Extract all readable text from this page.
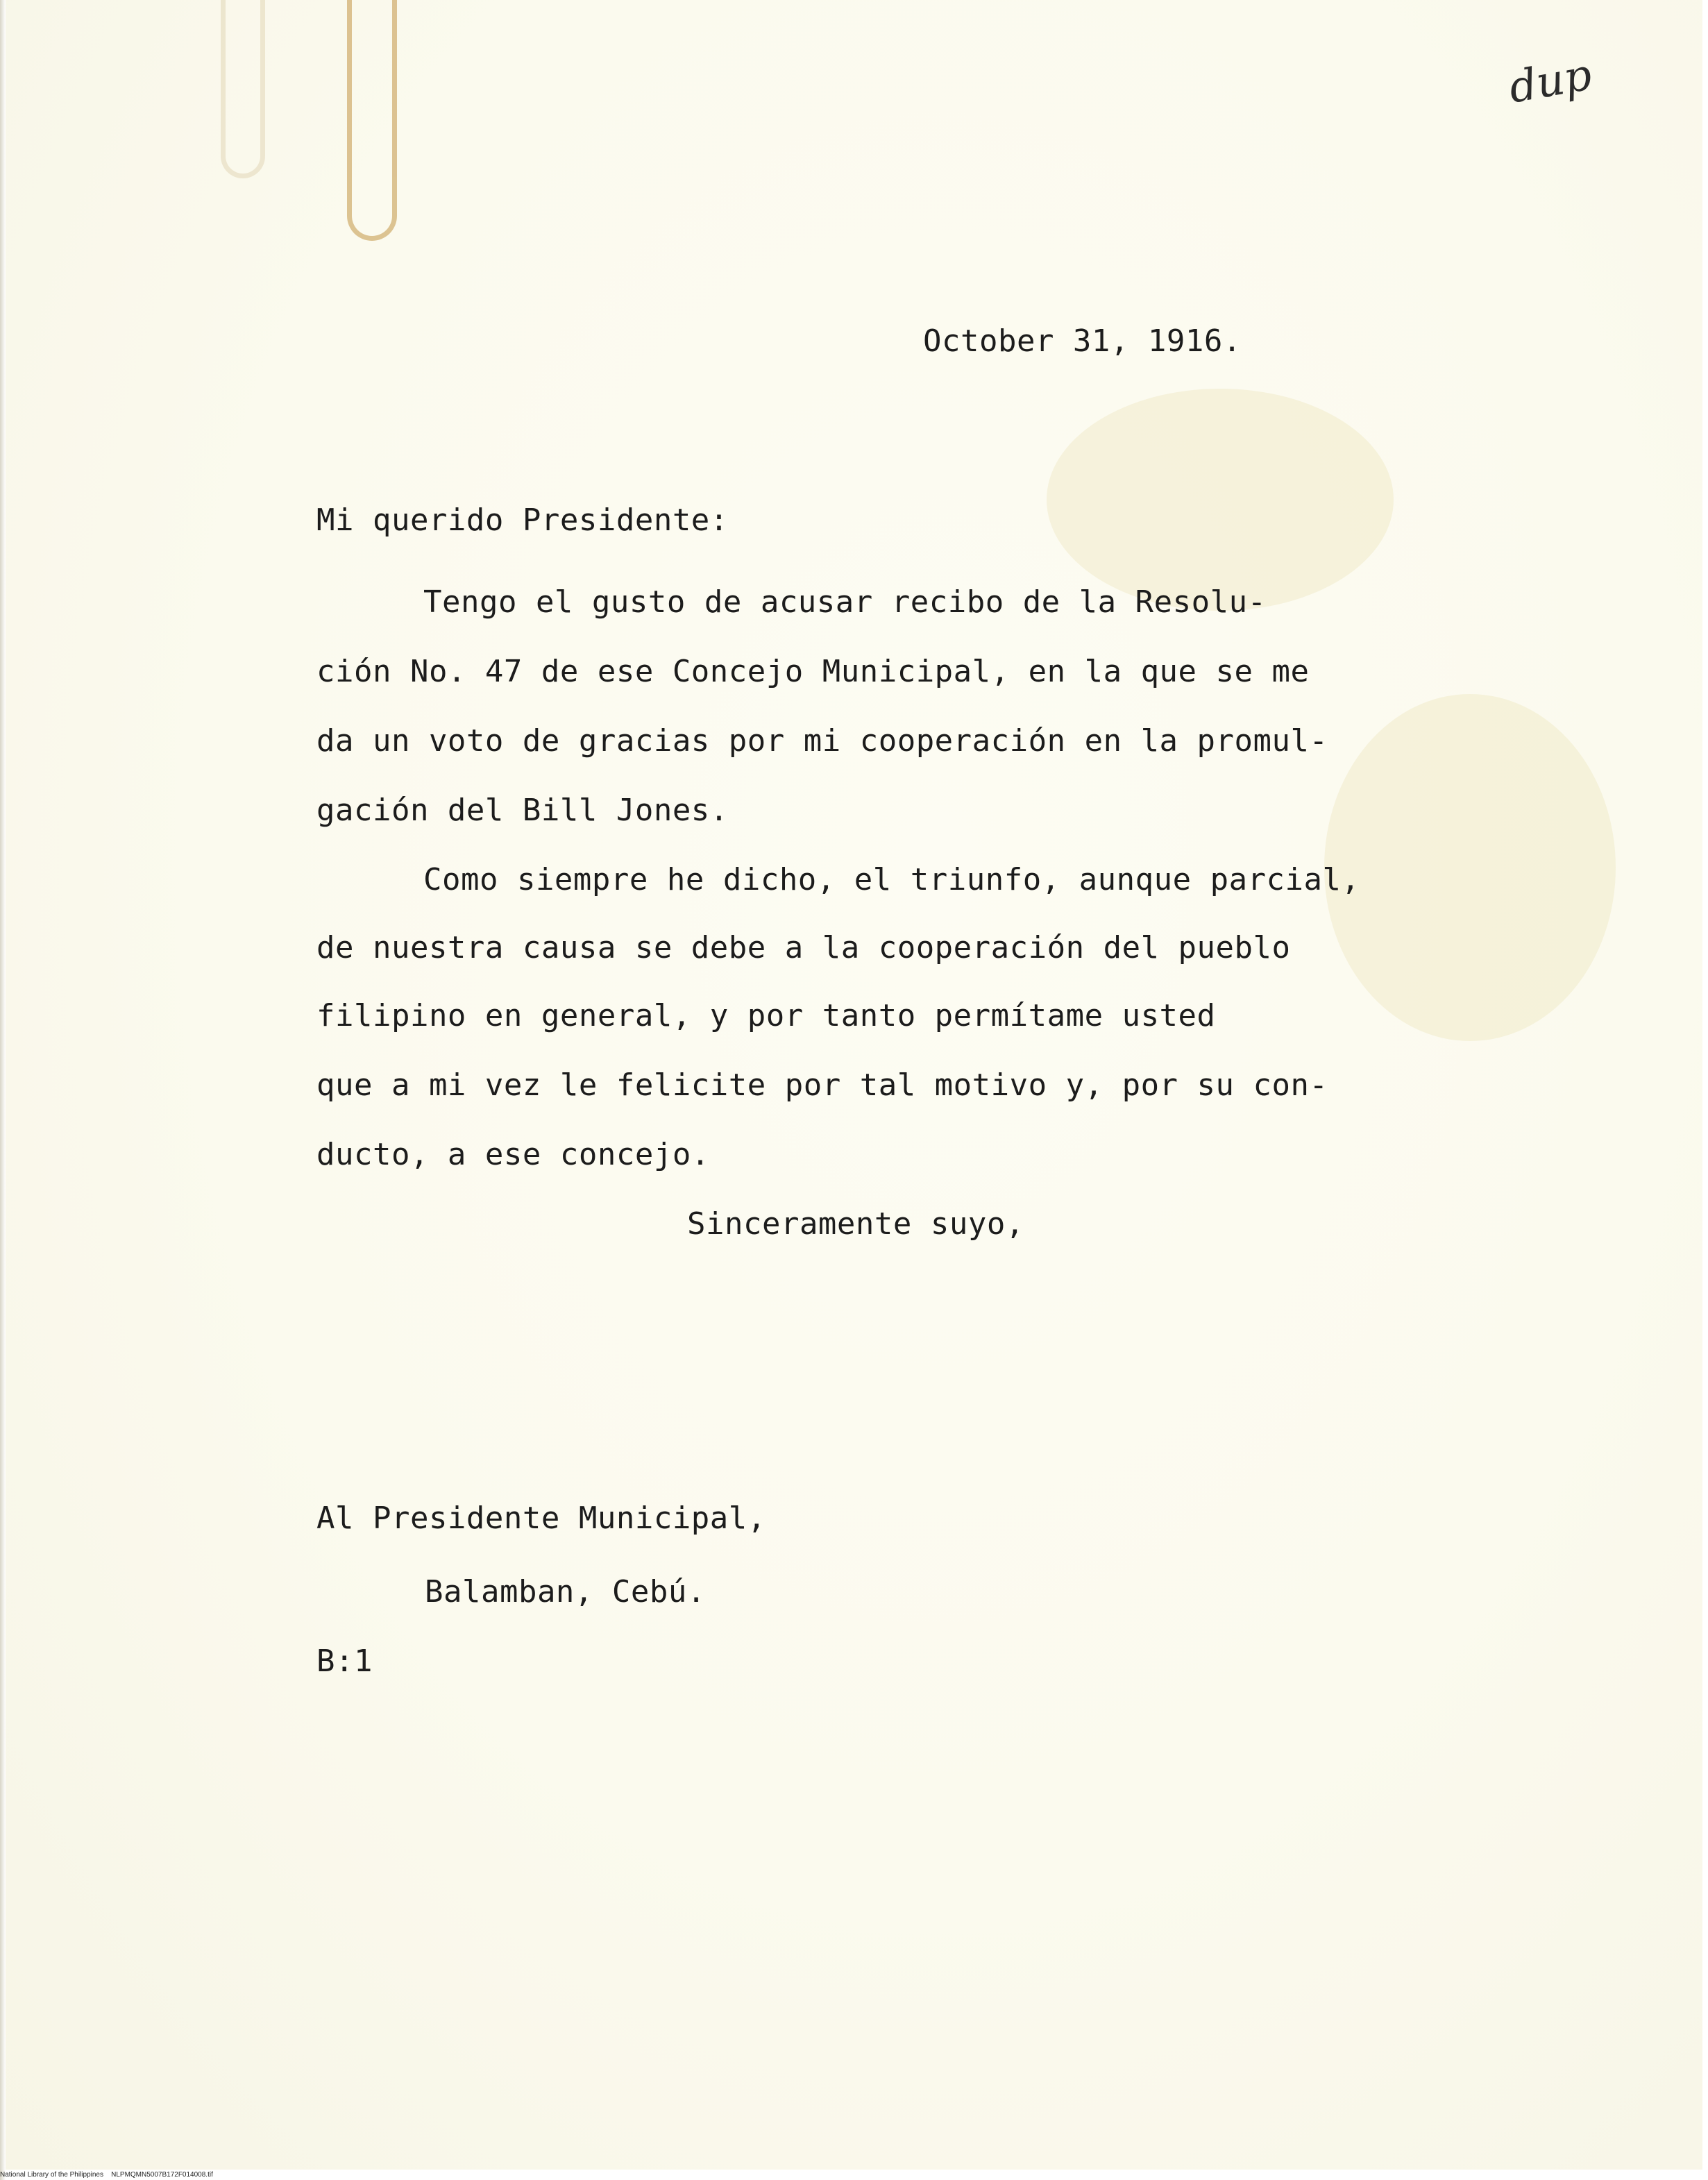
dup

October 31, 1916.

Mi querido Presidente:

Tengo el gusto de acusar recibo de la Resolu-

ción No. 47 de ese Concejo Municipal, en la que se me

da un voto de gracias por mi cooperación en la promul-

gación del Bill Jones.

Como siempre he dicho, el triunfo, aunque parcial,

de nuestra causa se debe a la cooperación del pueblo

filipino en general, y por tanto permítame usted

que a mi vez le felicite por tal motivo y, por su con-

ducto, a ese concejo.

Sinceramente suyo,

Al Presidente Municipal,

Balamban, Cebú.

B:1

National Library of the Philippines NLPMQMN5007B172F014008.tif
